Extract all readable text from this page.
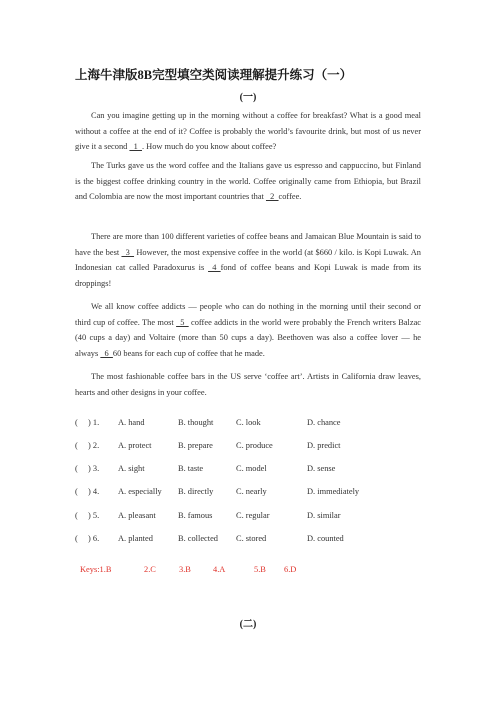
上海牛津版8B完型填空类阅读理解提升练习（一）
(一)

Can you imagine getting up in the morning without a coffee for breakfast? What is a good meal without a coffee at the end of it? Coffee is probably the world’s favourite drink, but most of us never give it a second   1  . How much do you know about coffee?

The Turks gave us the word coffee and the Italians gave us espresso and cappuccino, but Finland is the biggest coffee drinking country in the world. Coffee originally came from Ethiopia, but Brazil and Colombia are now the most important countries that   2  coffee.

There are more than 100 different varieties of coffee beans and Jamaican Blue Mountain is said to have the best   3   However, the most expensive coffee in the world (at $660 / kilo. is Kopi Luwak. An Indonesian cat called Paradoxurus is   4  fond of coffee beans and Kopi Luwak is made from its droppings!

We all know coffee addicts — people who can do nothing in the morning until their second or third cup of coffee. The most   5   coffee addicts in the world were probably the French writers Balzac (40 cups a day) and Voltaire (more than 50 cups a day). Beethoven was also a coffee lover — he always   6  60 beans for each cup of coffee that he made.

The most fashionable coffee bars in the US serve ‘coffee art’. Artists in California draw leaves, hearts and other designs in your coffee.

( ) 1. A. hand	B. thought	C. look	D. chance
( ) 2. A. protect	B. prepare	C. produce	D. predict
( ) 3. A. sight	B. taste	C. model	D. sense
( ) 4. A. especially B. directly	C. nearly	D. immediately
( ) 5. A. pleasant	B. famous	C. regular	D. similar
( ) 6. A. planted	B. collected C. stored	D. counted
Keys:1.B	2.C	3.B	4.A	5.B 6.D
(二)
